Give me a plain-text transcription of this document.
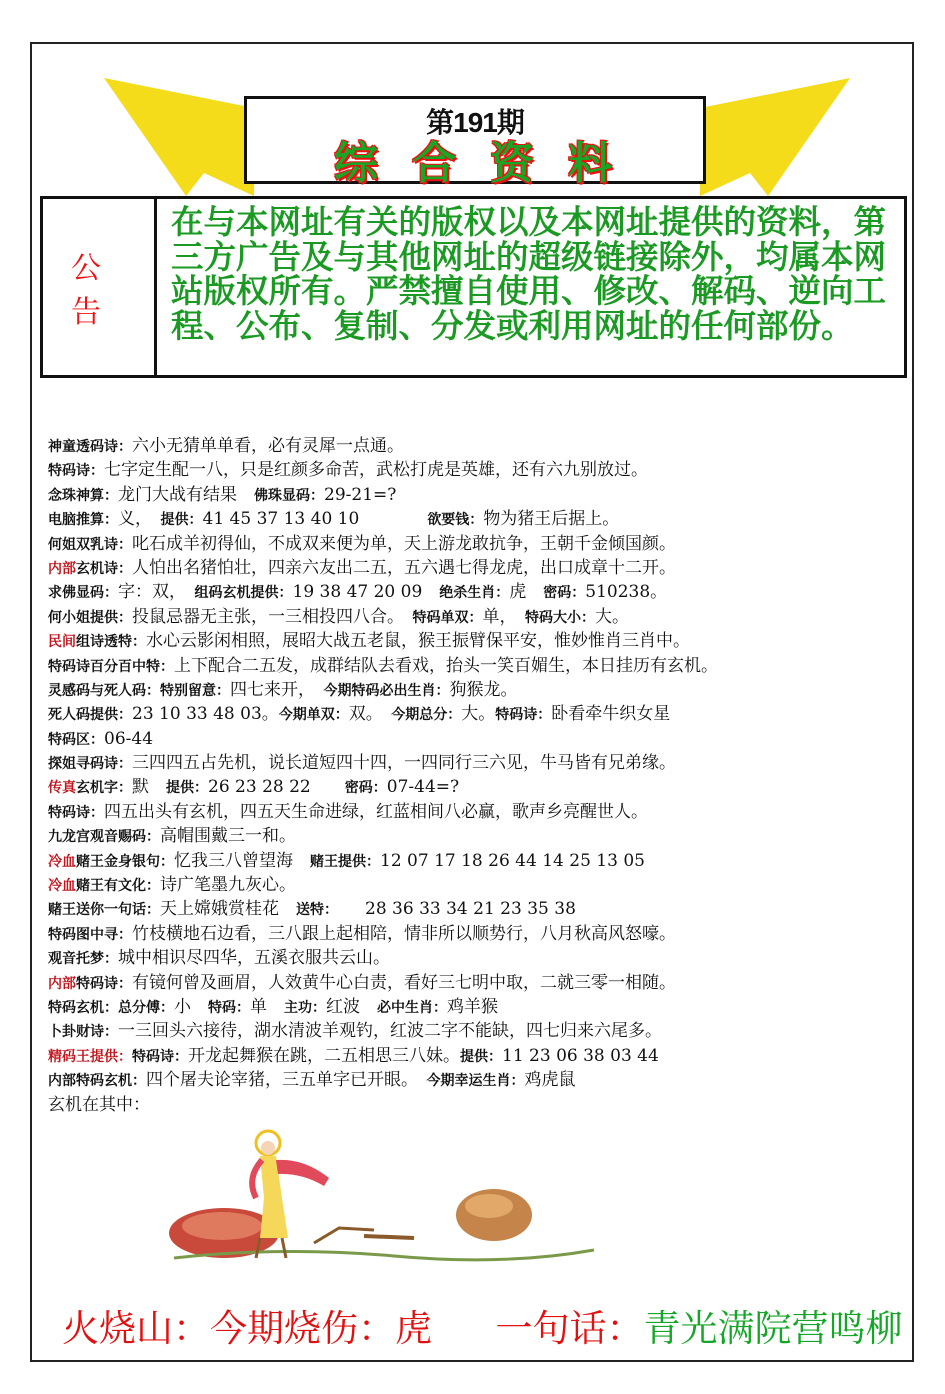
第191期
综合资料
公告
在与本网址有关的版权以及本网址提供的资料，第三方广告及与其他网址的超级链接除外，均属本网站版权所有。严禁擅自使用、修改、解码、逆向工程、公布、复制、分发或利用网址的任何部份。
神童透码诗：六小无猜单单看，必有灵犀一点通。
特码诗：七字定生配一八，只是红颜多命苦，武松打虎是英雄，还有六九别放过。
念珠神算：龙门大战有结果　佛珠显码：29-21=?
电脑推算：义，　提供：41 45 37 13 40 10　　　　欲要钱：物为猪王后据上。
何姐双乳诗：叱石成羊初得仙，不成双来便为单，天上游龙敢抗争，王朝千金倾国颜。
内部玄机诗：人怕出名猪怕壮，四亲六友出二五，五六遇七得龙虎，出口成章十二开。
求佛显码：字：双，　组码玄机提供：19 38 47 20 09　绝杀生肖：虎　密码：510238。
何小姐提供：投鼠忌器无主张，一三相投四八合。　特码单双：单，　特码大小：大。
民间组诗透特：水心云影闲相照，展昭大战五老鼠，猴王振臂保平安，惟妙惟肖三肖中。
特码诗百分百中特：上下配合二五发，成群结队去看戏，抬头一笑百媚生，本日挂历有玄机。
灵感码与死人码：特别留意：四七来开，　今期特码必出生肖：狗猴龙。
死人码提供：23 10 33 48 03。今期单双：双。　今期总分：大。特码诗：卧看牵牛织女星
特码区：06-44
探姐寻码诗：三四四五占先机，说长道短四十四，一四同行三六见，牛马皆有兄弟缘。
传真玄机字：默　提供：26 23 28 22　　密码：07-44=?
特码诗：四五出头有玄机，四五天生命进绿，红蓝相间八必赢，歌声乡亮醒世人。
九龙宫观音赐码：高帽围戴三一和。
冷血赌王金身银句：忆我三八曾望海　赌王提供：12 07 17 18 26 44 14 25 13 05
冷血赌王有文化：诗广笔墨九灰心。
赌王送你一句话：天上嫦娥赏桂花　送特：　　28 36 33 34 21 23 35 38
特码图中寻：竹枝横地石边看，三八跟上起相陪，情非所以顺势行，八月秋高风怒嚎。
观音托梦：城中相识尽四华，五溪衣服共云山。
内部特码诗：有镜何曾及画眉，人效黄牛心白责，看好三七明中取，二就三零一相随。
特码玄机：总分傅：小　特码：单　主功：红波　必中生肖：鸡羊猴
卜卦财诗：一三回头六接待，湖水清波羊观钓，红波二字不能缺，四七归来六尾多。
精码王提供：特码诗：开龙起舞猴在跳，二五相思三八妹。提供：11 23 06 38 03 44
内部特码玄机：四个屠夫论宰猪，三五单字已开眼。　今期幸运生肖：鸡虎鼠
玄机在其中：
火烧山：今期烧伤：虎 一句话：青光满院营鸣柳
